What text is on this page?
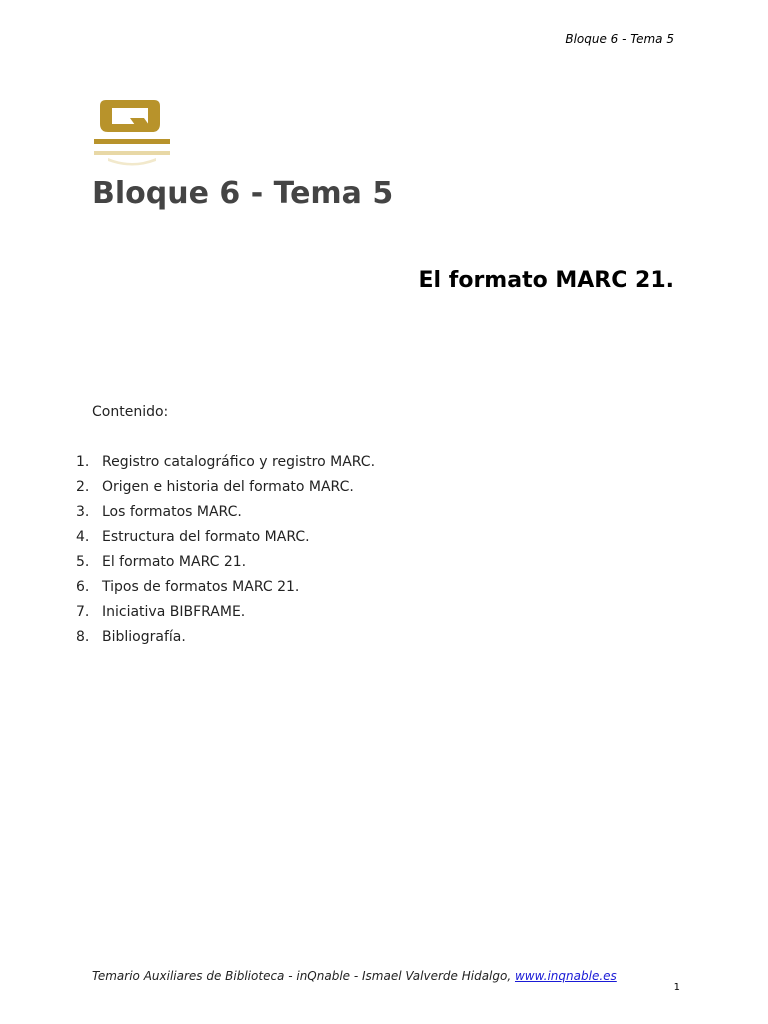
Bloque 6 - Tema 5
Bloque 6 - Tema 5
El formato MARC 21.
Contenido:
1. Registro catalográfico y registro MARC.
2. Origen e historia del formato MARC.
3. Los formatos MARC.
4. Estructura del formato MARC.
5. El formato MARC 21.
6. Tipos de formatos MARC 21.
7. Iniciativa BIBFRAME.
8. Bibliografía.
Temario Auxiliares de Biblioteca - inQnable - Ismael Valverde Hidalgo, www.inqnable.es
1
